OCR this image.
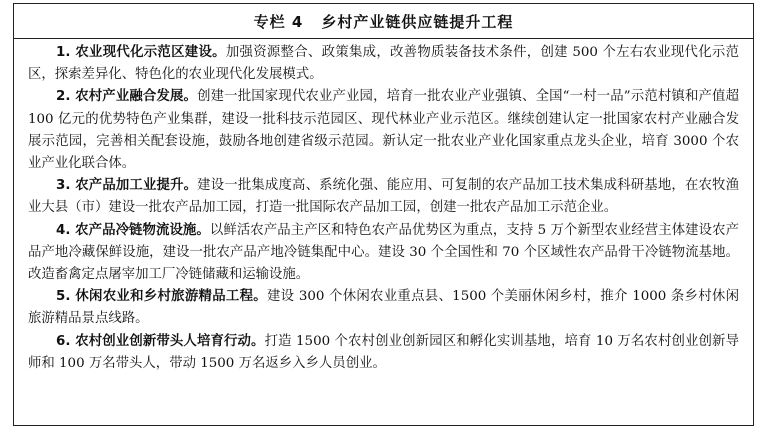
专栏 4 乡村产业链供应链提升工程

1. 农业现代化示范区建设。加强资源整合、政策集成，改善物质装备技术条件，创建 500 个左右农业现代化示范区，探索差异化、特色化的农业现代化发展模式。

2. 农村产业融合发展。创建一批国家现代农业产业园，培育一批农业产业强镇、全国“一村一品”示范村镇和产值超 100 亿元的优势特色产业集群，建设一批科技示范园区、现代林业产业示范区。继续创建认定一批国家农村产业融合发展示范园，完善相关配套设施，鼓励各地创建省级示范园。新认定一批农业产业化国家重点龙头企业，培育 3000 个农业产业化联合体。

3. 农产品加工业提升。建设一批集成度高、系统化强、能应用、可复制的农产品加工技术集成科研基地，在农牧渔业大县（市）建设一批农产品加工园，打造一批国际农产品加工园，创建一批农产品加工示范企业。

4. 农产品冷链物流设施。以鲜活农产品主产区和特色农产品优势区为重点，支持 5 万个新型农业经营主体建设农产品产地冷藏保鲜设施，建设一批农产品产地冷链集配中心。建设 30 个全国性和 70 个区域性农产品骨干冷链物流基地。改造畜禽定点屠宰加工厂冷链储藏和运输设施。

5. 休闲农业和乡村旅游精品工程。建设 300 个休闲农业重点县、1500 个美丽休闲乡村，推介 1000 条乡村休闲旅游精品景点线路。

6. 农村创业创新带头人培育行动。打造 1500 个农村创业创新园区和孵化实训基地，培育 10 万名农村创业创新导师和 100 万名带头人，带动 1500 万名返乡入乡人员创业。
